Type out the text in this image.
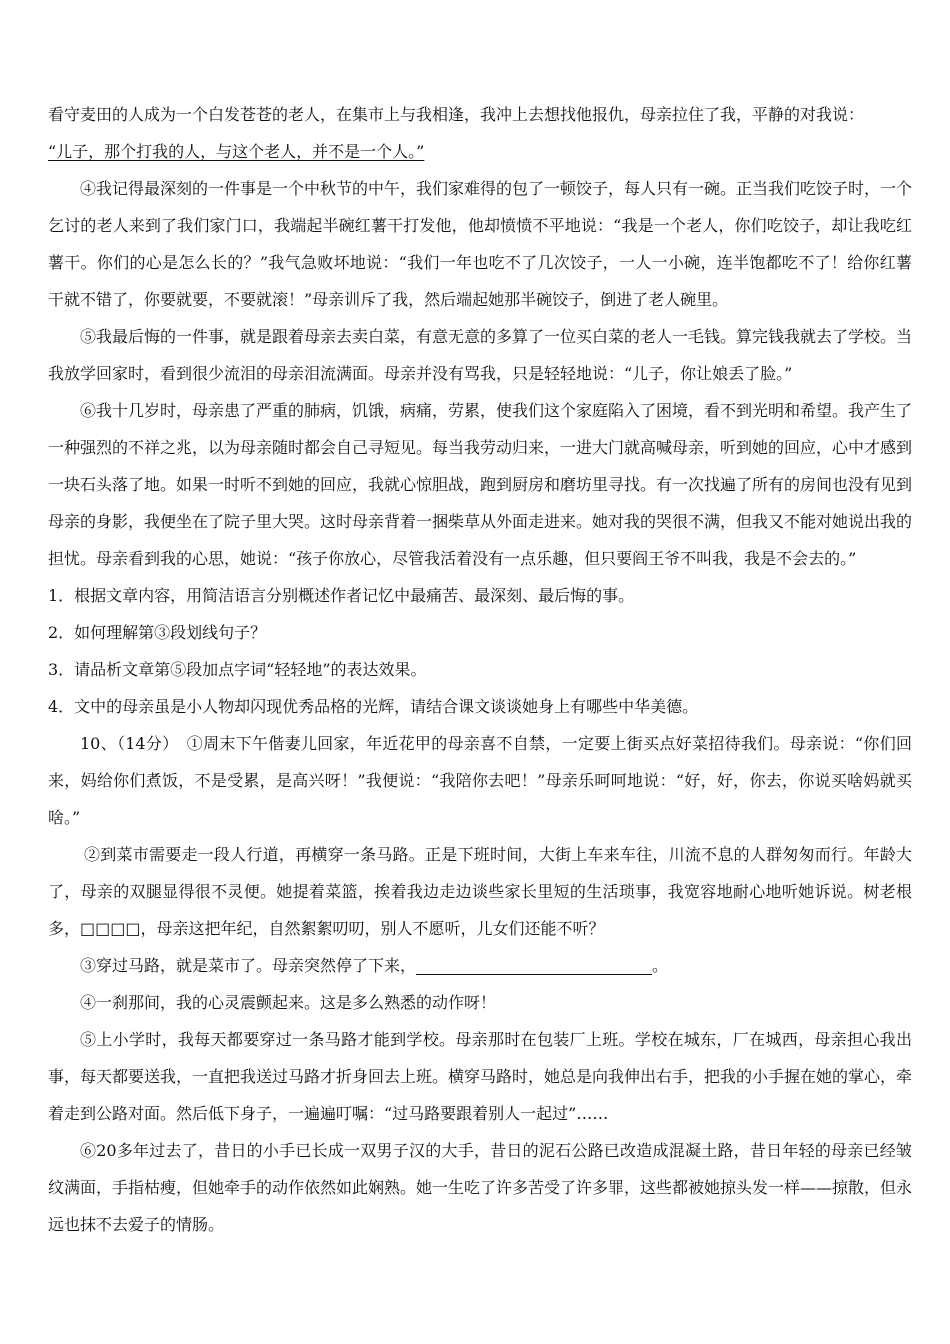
看守麦田的人成为一个白发苍苍的老人，在集市上与我相逢，我冲上去想找他报仇，母亲拉住了我，平静的对我说：

“儿子，那个打我的人，与这个老人，并不是一个人。”

④我记得最深刻的一件事是一个中秋节的中午，我们家难得的包了一顿饺子，每人只有一碗。正当我们吃饺子时，一个乞讨的老人来到了我们家门口，我端起半碗红薯干打发他，他却愤愤不平地说：“我是一个老人，你们吃饺子，却让我吃红薯干。你们的心是怎么长的？”我气急败坏地说：“我们一年也吃不了几次饺子，一人一小碗，连半饱都吃不了！给你红薯干就不错了，你要就要，不要就滚！”母亲训斥了我，然后端起她那半碗饺子，倒进了老人碗里。

⑤我最后悔的一件事，就是跟着母亲去卖白菜，有意无意的多算了一位买白菜的老人一毛钱。算完钱我就去了学校。当我放学回家时，看到很少流泪的母亲泪流满面。母亲并没有骂我，只是轻轻地说：“儿子，你让娘丢了脸。”

⑥我十几岁时，母亲患了严重的肺病，饥饿，病痛，劳累，使我们这个家庭陷入了困境，看不到光明和希望。我产生了一种强烈的不祥之兆，以为母亲随时都会自己寻短见。每当我劳动归来，一进大门就高喊母亲，听到她的回应，心中才感到一块石头落了地。如果一时听不到她的回应，我就心惊胆战，跑到厨房和磨坊里寻找。有一次找遍了所有的房间也没有见到母亲的身影，我便坐在了院子里大哭。这时母亲背着一捆柴草从外面走进来。她对我的哭很不满，但我又不能对她说出我的担忧。母亲看到我的心思，她说：“孩子你放心，尽管我活着没有一点乐趣，但只要阎王爷不叫我，我是不会去的。”

1．根据文章内容，用简洁语言分别概述作者记忆中最痛苦、最深刻、最后悔的事。

2．如何理解第③段划线句子？

3．请品析文章第⑤段加点字词“轻轻地”的表达效果。

4．文中的母亲虽是小人物却闪现优秀品格的光辉，请结合课文谈谈她身上有哪些中华美德。

10、（14分）　①周末下午偕妻儿回家，年近花甲的母亲喜不自禁，一定要上街买点好菜招待我们。母亲说：“你们回来，妈给你们煮饭，不是受累，是高兴呀！”我便说：“我陪你去吧！”母亲乐呵呵地说：“好，好，你去，你说买啥妈就买啥。”

②到菜市需要走一段人行道，再横穿一条马路。正是下班时间，大街上车来车往，川流不息的人群匆匆而行。年龄大了，母亲的双腿显得很不灵便。她提着菜篮，挨着我边走边谈些家长里短的生活琐事，我宽容地耐心地听她诉说。树老根多，□□□□，母亲这把年纪，自然絮絮叨叨，别人不愿听，儿女们还能不听？

③穿过马路，就是菜市了。母亲突然停了下来，	。

④一刹那间，我的心灵震颤起来。这是多么熟悉的动作呀！

⑤上小学时，我每天都要穿过一条马路才能到学校。母亲那时在包装厂上班。学校在城东，厂在城西，母亲担心我出事，每天都要送我，一直把我送过马路才折身回去上班。横穿马路时，她总是向我伸出右手，把我的小手握在她的掌心，牵着走到公路对面。然后低下身子，一遍遍叮嘱：“过马路要跟着别人一起过”……

⑥20多年过去了，昔日的小手已长成一双男子汉的大手，昔日的泥石公路已改造成混凝土路，昔日年轻的母亲已经皱纹满面，手指枯瘦，但她牵手的动作依然如此娴熟。她一生吃了许多苦受了许多罪，这些都被她掠头发一样——掠散，但永远也抹不去爱子的情肠。
